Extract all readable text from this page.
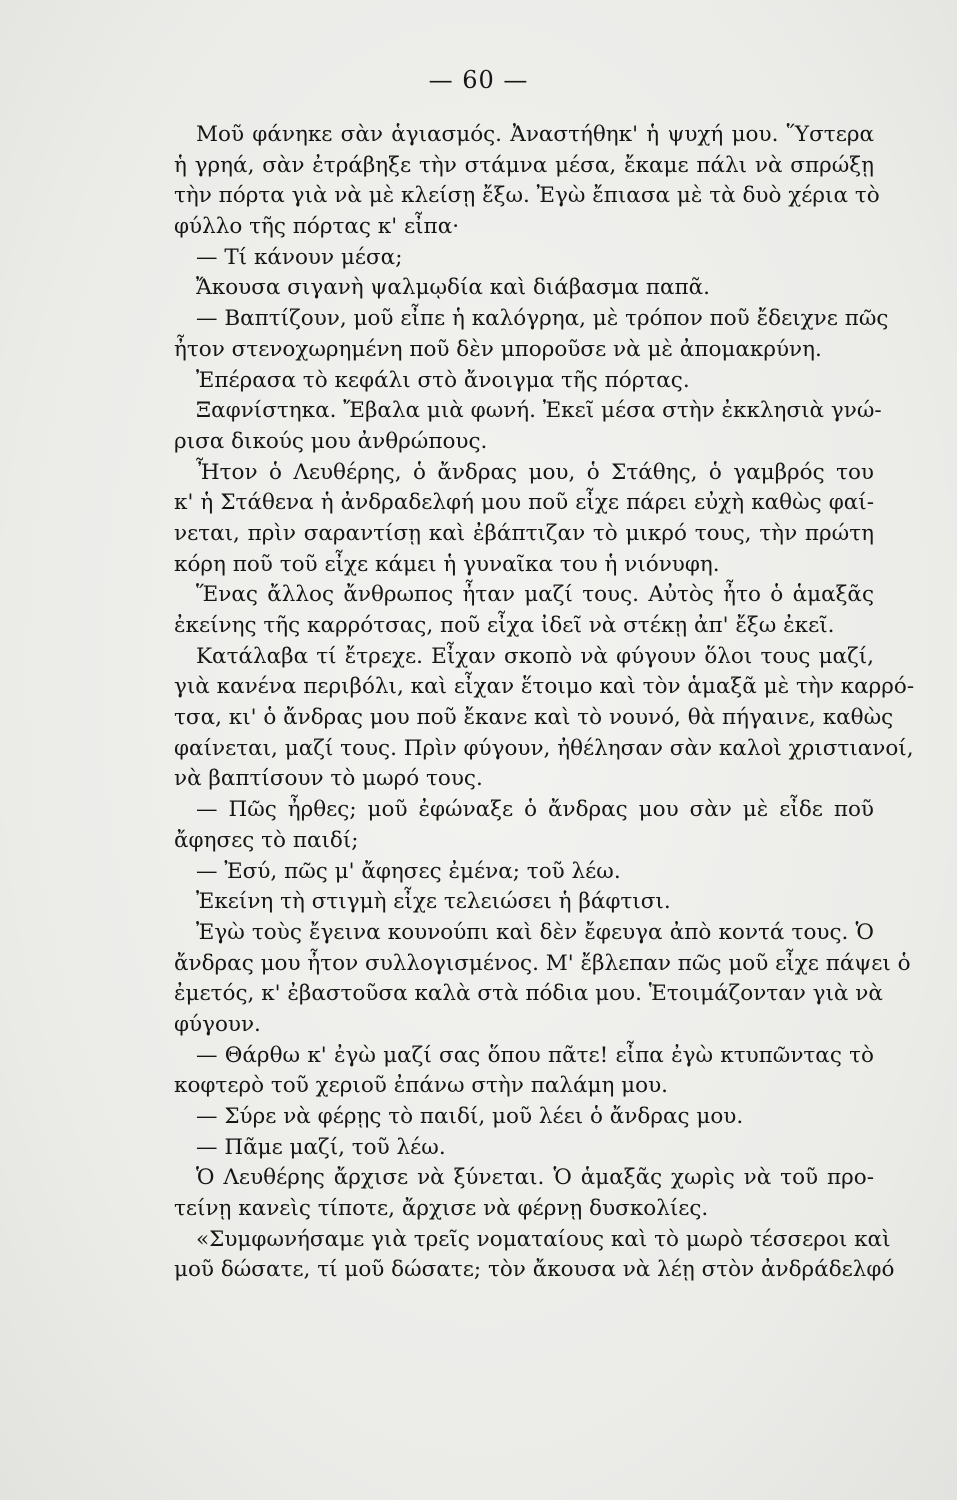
— 60 —
Μοῦ φάνηκε σὰν ἁγιασμός. Ἀναστήθηκ' ἡ ψυχή μου. Ὕστερα
ἡ γρηά, σὰν ἐτράβηξε τὴν στάμνα μέσα, ἔκαμε πάλι νὰ σπρώξῃ
τὴν πόρτα γιὰ νὰ μὲ κλείσῃ ἔξω. Ἐγὼ ἔπιασα μὲ τὰ δυὸ χέρια τὸ
φύλλο τῆς πόρτας κ' εἶπα·
— Τί κάνουν μέσα;
Ἄκουσα σιγανὴ ψαλμῳδία καὶ διάβασμα παπᾶ.
— Βαπτίζουν, μοῦ εἶπε ἡ καλόγρηα, μὲ τρόπον ποῦ ἔδειχνε πῶς
ἦτον στενοχωρημένη ποῦ δὲν μποροῦσε νὰ μὲ ἀπομακρύνη.
Ἐπέρασα τὸ κεφάλι στὸ ἄνοιγμα τῆς πόρτας.
Ξαφνίστηκα. Ἔβαλα μιὰ φωνή. Ἐκεῖ μέσα στὴν ἐκκλησιὰ γνώ-
ρισα δικούς μου ἀνθρώπους.
Ἦτον ὁ Λευθέρης, ὁ ἄνδρας μου, ὁ Στάθης, ὁ γαμβρός του
κ' ἡ Στάθενα ἡ ἀνδραδελφή μου ποῦ εἶχε πάρει εὐχὴ καθὼς φαί-
νεται, πρὶν σαραντίσῃ καὶ ἐβάπτιζαν τὸ μικρό τους, τὴν πρώτη
κόρη ποῦ τοῦ εἶχε κάμει ἡ γυναῖκα του ἡ νιόνυφη.
Ἕνας ἄλλος ἄνθρωπος ἦταν μαζί τους. Αὐτὸς ἦτο ὁ ἁμαξᾶς
ἐκείνης τῆς καρρότσας, ποῦ εἶχα ἰδεῖ νὰ στέκῃ ἀπ' ἔξω ἐκεῖ.
Κατάλαβα τί ἔτρεχε. Εἶχαν σκοπὸ νὰ φύγουν ὅλοι τους μαζί,
γιὰ κανένα περιβόλι, καὶ εἶχαν ἕτοιμο καὶ τὸν ἁμαξᾶ μὲ τὴν καρρό-
τσα, κι' ὁ ἄνδρας μου ποῦ ἔκανε καὶ τὸ νουνό, θὰ πήγαινε, καθὼς
φαίνεται, μαζί τους. Πρὶν φύγουν, ἠθέλησαν σὰν καλοὶ χριστιανοί,
νὰ βαπτίσουν τὸ μωρό τους.
— Πῶς ἦρθες; μοῦ ἐφώναξε ὁ ἄνδρας μου σὰν μὲ εἶδε ποῦ
ἄφησες τὸ παιδί;
— Ἐσύ, πῶς μ' ἄφησες ἐμένα; τοῦ λέω.
Ἐκείνη τὴ στιγμὴ εἶχε τελειώσει ἡ βάφτισι.
Ἐγὼ τοὺς ἔγεινα κουνούπι καὶ δὲν ἔφευγα ἀπὸ κοντά τους. Ὁ
ἄνδρας μου ἦτον συλλογισμένος. Μ' ἔβλεπαν πῶς μοῦ εἶχε πάψει ὁ
ἐμετός, κ' ἐβαστοῦσα καλὰ στὰ πόδια μου. Ἑτοιμάζονταν γιὰ νὰ
φύγουν.
— Θάρθω κ' ἐγὼ μαζί σας ὅπου πᾶτε! εἶπα ἐγὼ κτυπῶντας τὸ
κοφτερὸ τοῦ χεριοῦ ἐπάνω στὴν παλάμη μου.
— Σύρε νὰ φέρῃς τὸ παιδί, μοῦ λέει ὁ ἄνδρας μου.
— Πᾶμε μαζί, τοῦ λέω.
Ὁ Λευθέρης ἄρχισε νὰ ξύνεται. Ὁ ἁμαξᾶς χωρὶς νὰ τοῦ προ-
τείνῃ κανεὶς τίποτε, ἄρχισε νὰ φέρνῃ δυσκολίες.
«Συμφωνήσαμε γιὰ τρεῖς νοματαίους καὶ τὸ μωρὸ τέσσεροι καὶ
μοῦ δώσατε, τί μοῦ δώσατε; τὸν ἄκουσα νὰ λέῃ στὸν ἀνδράδελφό
